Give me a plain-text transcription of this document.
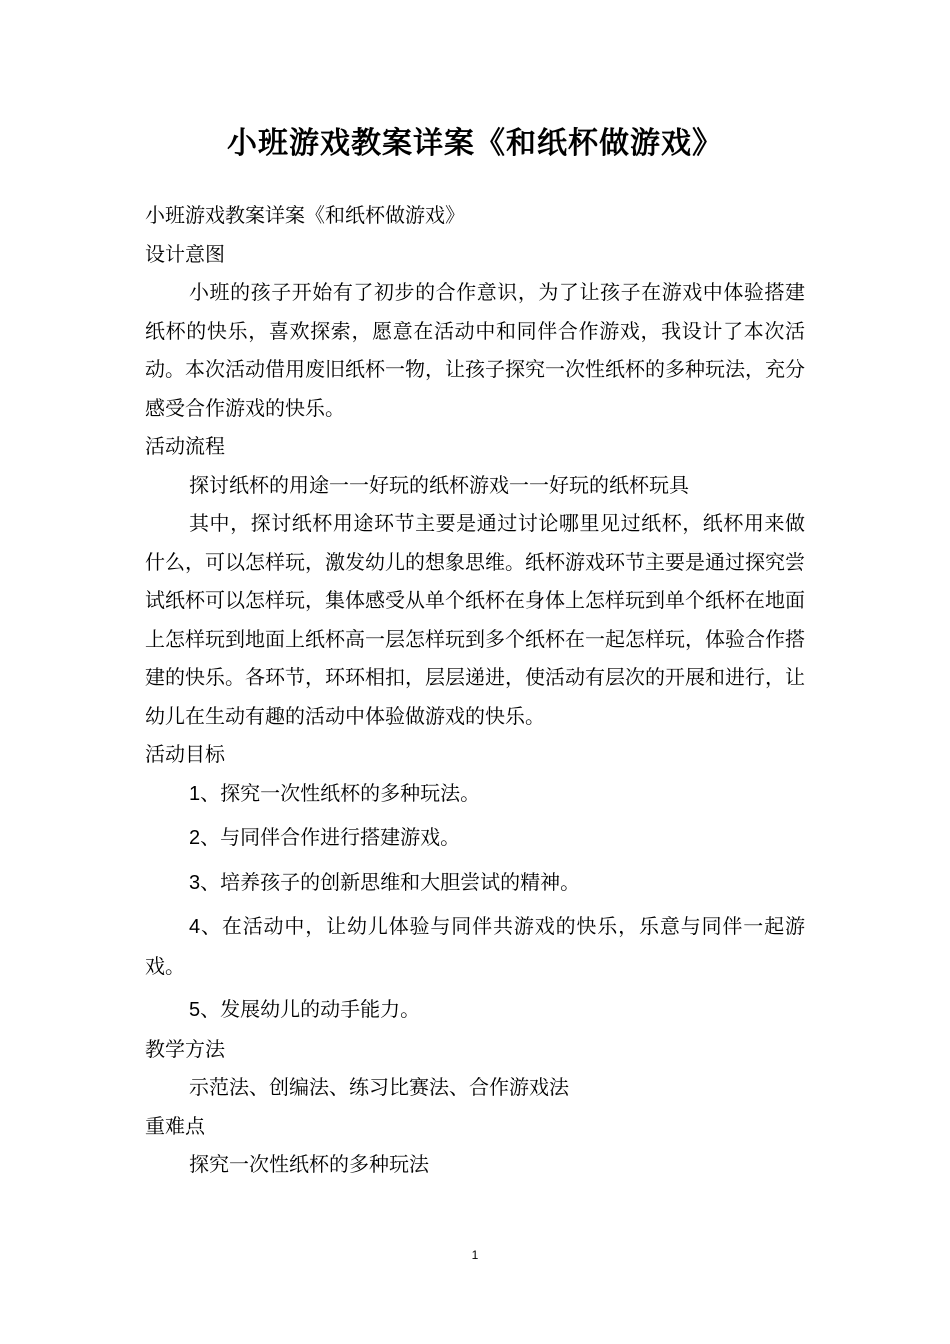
小班游戏教案详案《和纸杯做游戏》

小班游戏教案详案《和纸杯做游戏》

设计意图

小班的孩子开始有了初步的合作意识，为了让孩子在游戏中体验搭建纸杯的快乐，喜欢探索，愿意在活动中和同伴合作游戏，我设计了本次活动。本次活动借用废旧纸杯一物，让孩子探究一次性纸杯的多种玩法，充分感受合作游戏的快乐。

活动流程

探讨纸杯的用途一一好玩的纸杯游戏一一好玩的纸杯玩具

其中，探讨纸杯用途环节主要是通过讨论哪里见过纸杯，纸杯用来做什么，可以怎样玩，激发幼儿的想象思维。纸杯游戏环节主要是通过探究尝试纸杯可以怎样玩，集体感受从单个纸杯在身体上怎样玩到单个纸杯在地面上怎样玩到地面上纸杯高一层怎样玩到多个纸杯在一起怎样玩，体验合作搭建的快乐。各环节，环环相扣，层层递进，使活动有层次的开展和进行，让幼儿在生动有趣的活动中体验做游戏的快乐。

活动目标

1、探究一次性纸杯的多种玩法。

2、与同伴合作进行搭建游戏。

3、培养孩子的创新思维和大胆尝试的精神。

4、在活动中，让幼儿体验与同伴共游戏的快乐，乐意与同伴一起游戏。

5、发展幼儿的动手能力。

教学方法

示范法、创编法、练习比赛法、合作游戏法

重难点

探究一次性纸杯的多种玩法

1
